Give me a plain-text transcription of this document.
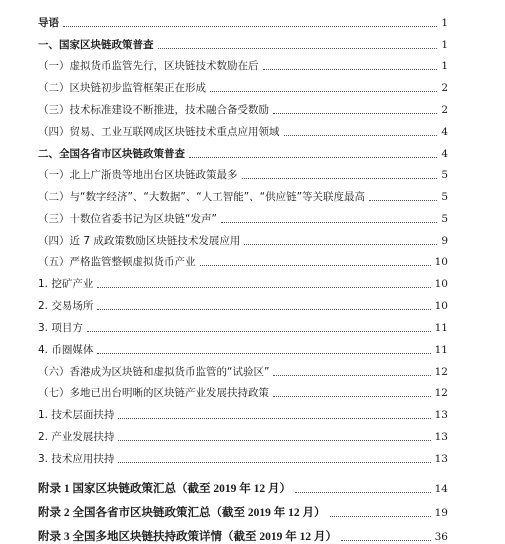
导语	1
一、国家区块链政策普查	1
（一）虚拟货币监管先行，区块链技术数励在后	1
（二）区块链初步监管框架正在形成	2
（三）技术标准建设不断推进，技术融合备受数励	2
（四）贸易、工业互联网成区块链技术重点应用领域	4
二、全国各省市区块链政策普查	4
（一）北上广浙贵等地出台区块链政策最多	5
（二）与“数字经济”、“大数据”、“人工智能”、“供应链”等关联度最高	5
（三）十数位省委书记为区块链“发声”	5
（四）近 7 成政策数励区块链技术发展应用	9
（五）严格监管整顿虚拟货币产业	10
1. 挖矿产业	10
2. 交易场所	10
3. 项目方	11
4. 币圈媒体	11
（六）香港成为区块链和虚拟货币监管的“试验区”	12
（七）多地已出台明晰的区块链产业发展扶持政策	12
1. 技术层面扶持	13
2. 产业发展扶持	13
3. 技术应用扶持	13
附录 1 国家区块链政策汇总（截至 2019 年 12 月）	14
附录 2 全国各省市区块链政策汇总（截至 2019 年 12 月）	19
附录 3 全国多地区块链扶持政策详情（截至 2019 年 12 月）	36
